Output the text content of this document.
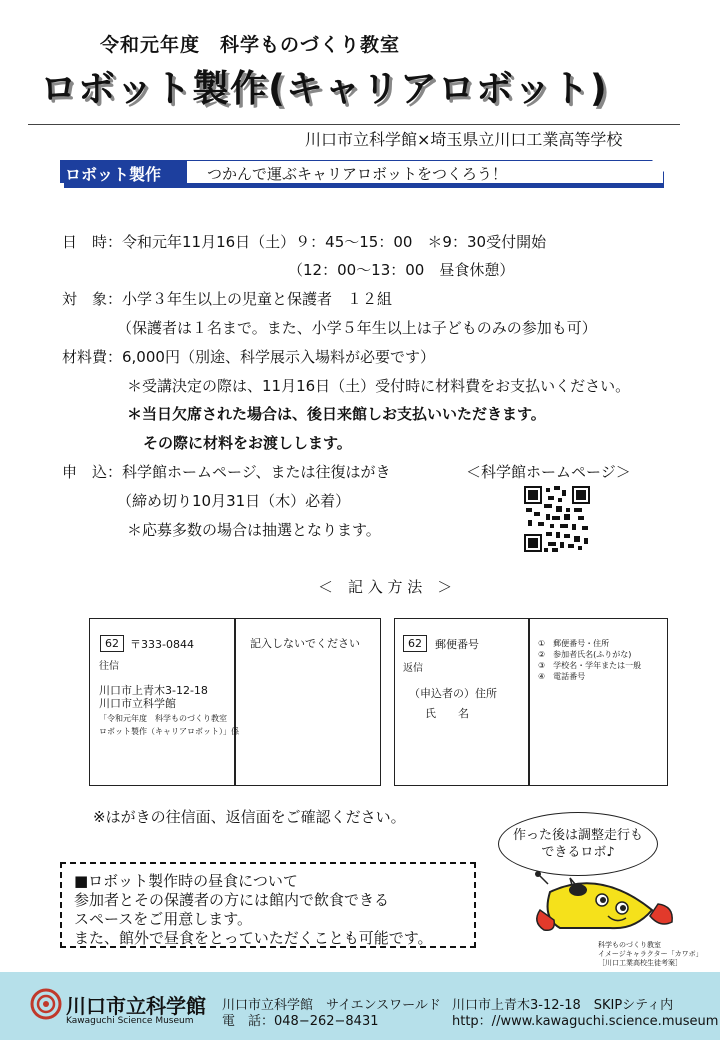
令和元年度　科学ものづくり教室
ロボット製作(キャリアロボット)
川口市立科学館×埼玉県立川口工業高等学校
つかんで運ぶキャリアロボットをつくろう！
ロボット製作
日　時：令和元年11月16日（土）９：45〜15：00　＊9：30受付開始
（12：00〜13：00　昼食休憩）
対　象：小学３年生以上の児童と保護者　１２組
（保護者は１名まで。また、小学５年生以上は子どものみの参加も可）
材料費：6,000円（別途、科学展示入場料が必要です）
＊受講決定の際は、11月16日（土）受付時に材料費をお支払いください。
＊当日欠席された場合は、後日来館しお支払いいただきます。
その際に材料をお渡しします。
申　込：科学館ホームページ、または往復はがき	＜科学館ホームページ＞
（締め切り10月31日（木）必着）
＊応募多数の場合は抽選となります。
＜　記 入 方 法　＞
62	〒333-0844
往信
川口市上青木3-12-18
川口市立科学館
「令和元年度　科学ものづくり教室
ロボット製作（キャリアロボット）」係
記入しないでください	62	郵便番号
返信
（申込者の）住所
氏　　名
①　郵便番号・住所
②　参加者氏名(ふりがな)
③　学校名・学年または一般
④　電話番号
※はがきの往信面、返信面をご確認ください。
■ロボット製作時の昼食について
参加者とその保護者の方には館内で飲食できる
スペースをご用意します。
また、館外で昼食をとっていただくことも可能です。
作った後は調整走行も
できるロボ♪
科学ものづくり教室
イメージキャラクター「カワボ」
［川口工業高校生徒考案］
川口市立科学館
Kawaguchi Science Museum
川口市立科学館　サイエンスワールド
電　話：048−262−8431
川口市上青木3-12-18　SKIPシティ内
http：//www.kawaguchi.science.museum
